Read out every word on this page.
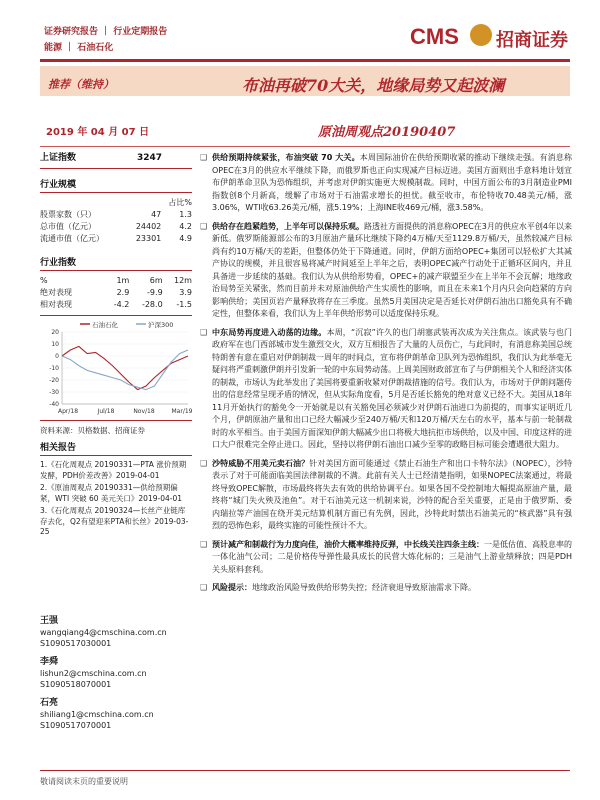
证券研究报告 ｜ 行业定期报告
能源 ｜ 石油石化	CMS 招商证券
推荐（维持）	布油再破70大关，地缘局势又起波澜
2019 年 04 月 07 日	原油周观点20190407
上证指数	3247
行业规模
占比%
股票家数（只）	47 1.3
总市值（亿元）	24402 4.2
流通市值（亿元）	23301 4.9
行业指数
%	1m	6m	12m
绝对表现	2.9	-9.9	3.9
相对表现	-4.2	-28.0	-1.5
石油石化	沪深300
20
10
0
-10
-20
-30
-40
Apr/18	Jul/18	Nov/18	Mar/19
资料来源：贝格数据、招商证券
相关报告
1.《石化周观点 20190331—PTA 涨价预期发酵，PDH价差改善》2019-04-01
2.《原油周观点 20190331—供给预期偏紧，WTI 突破 60 美元关口》2019-04-01
3.《石化周观点 20190324—长丝产业链库存去化，Q2有望迎来PTA和长丝》2019-03-25
王强
wangqiang4@cmschina.com.cn
S1090517030001
李舜
lishun2@cmschina.com.cn
S1090518070001
石亮
shiliang1@cmschina.com.cn
S1090517070001
❑ 供给预期持续紧张，布油突破 70 大关。本周国际油价在供给预期收紧的推动下继续走强。有消息称OPEC在3月的供应水平继续下降，而俄罗斯也正向实现减产目标迈进。美国方面则出手意料地计划宣布伊朗革命卫队为恐怖组织，并考虑对伊朗实施更大规模制裁。同时，中国方面公布的3月制造业PMI指数创8个月新高，缓解了市场对于石油需求增长的担忧。截至收市，布伦特收70.48美元/桶，涨3.06%，WTI收63.26美元/桶，涨5.19%；上海INE收469元/桶，涨3.58%。
❑ 供给存在趋紧趋势，上半年可以保持乐观。路透社方面提供的消息称OPEC在3月的供应水平创4年以来新低。俄罗斯能源部公布的3月原油产量环比继续下降约4万桶/天至1129.8万桶/天，虽然较减产目标尚有约10万桶/天的差距，但整体仍处于下降通道。同时，伊朗方面给OPEC+集团可以轻松扩大其减产协议的规模，并且很容易将减产时间延至上半年之后，表明OPEC减产行动处于正循环区间内，并且具备进一步延续的基础。我们认为从供给形势看，OPEC+的减产联盟至少在上半年不会瓦解；地缘政治局势至关紧张，然而目前并未对原油供给产生实质性的影响，而且在未来1个月内只会向趋紧的方向影响供给；美国页岩产量释放将存在三季度。虽然5月美国决定是否延长对伊朗石油出口豁免具有不确定性，但整体来看，我们认为上半年供给形势可以适度保持乐观。
❑ 中东局势再度进入动荡的边缘。本周，“沉寂”许久的也门胡塞武装再次成为关注焦点。该武装与也门政府军在也门西部城市发生激烈交火，双方互相报告了大量的人员伤亡，与此同时，有消息称美国总统特朗普有意在重启对伊朗制裁一周年的时间点，宣布将伊朗革命卫队列为恐怖组织，我们认为此举毫无疑问将严重刺激伊朗并引发新一轮的中东局势动荡。上周美国财政部宣布了与伊朗相关个人和经济实体的制裁，市场认为此举发出了美国将要重新收紧对伊朗裁措施的信号。我们认为，市场对于伊朗问题传出的信息经常呈现矛盾的情况，但从实际角度看，5月是否延长豁免的绝对意义已经不大。美国从18年11月开始执行的豁免令一开始就是以有关豁免国必须减少对伊朗石油进口为前提的，而事实证明近几个月，伊朗原油产量和出口已经大幅减少至240万桶/天和120万桶/天左右的水平，基本与前一轮制裁时的水平相当。由于美国方面深知伊朗大幅减少出口将极大地抗拒市场供给，以及中国、印度这样的进口大户很难完全停止进口。因此，坚持以将伊朗石油出口减少至零的政略目标可能会遭遇很大阻力。
❑ 沙特威胁不用美元卖石油？针对美国方面可能通过《禁止石油生产和出口卡特尔法》（NOPEC），沙特表示了对于可能面临美国法律制裁的不满。此前有关人士已经清楚指明，如果NOPEC法案通过，将最终导致OPEC解散，市场最终将失去有效的供给协调平台。如果各国不受控制地大幅提高原油产量，最终将“城门失火殃及池鱼”。对于石油美元这一机制来说，沙特的配合至关重要，正是由于俄罗斯、委内瑞拉等产油国在绕开美元结算机制方面已有先例，因此，沙特此时禁出石油美元的“核武器”具有强烈的恐怖色彩，最终实施的可能性预计不大。
❑ 预计减产和制裁行为力度向佳，油价大概率维持反弹，中长线关注四条主线：一是低估值、高股息率的一体化油气公司；二是价格传导弹性最具成长的民营大炼化标的；三是油气上游业绩释放；四是PDH关头原料套利。
❑ 风险提示：地缘政治风险导致供给形势失控；经济衰退导致原油需求下降。
敬请阅读末页的重要说明
